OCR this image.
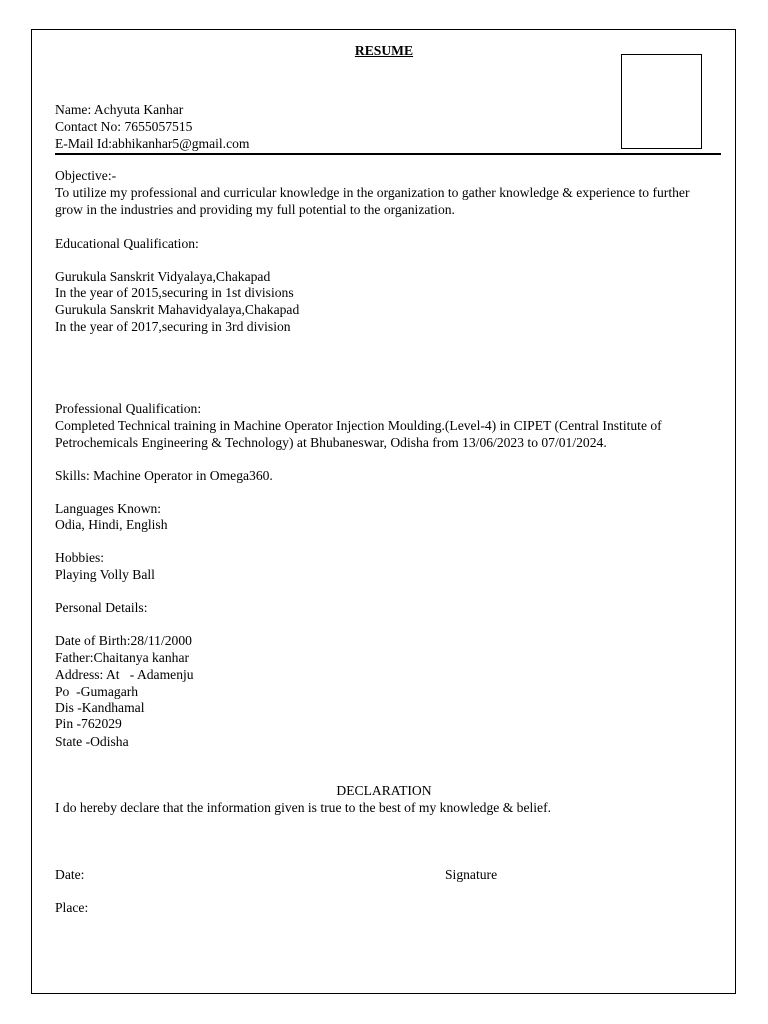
RESUME
Name: Achyuta Kanhar
Contact No: 7655057515
E-Mail Id:abhikanhar5@gmail.com
Objective:-
To utilize my professional and curricular knowledge in the organization to gather knowledge & experience to further
grow in the industries and providing my full potential to the organization.
Educational Qualification:
Gurukula Sanskrit Vidyalaya,Chakapad
In the year of 2015,securing in 1st divisions
Gurukula Sanskrit Mahavidyalaya,Chakapad
In the year of 2017,securing in 3rd division
Professional Qualification:
Completed Technical training in Machine Operator Injection Moulding.(Level-4) in CIPET (Central Institute of
Petrochemicals Engineering & Technology) at Bhubaneswar, Odisha from 13/06/2023 to 07/01/2024.
Skills: Machine Operator in Omega360.
Languages Known:
Odia, Hindi, English
Hobbies:
Playing Volly Ball
Personal Details:
Date of Birth:28/11/2000
Father:Chaitanya kanhar
Address: At   - Adamenju
Po  -Gumagarh
Dis -Kandhamal
Pin -762029
State -Odisha
DECLARATION
I do hereby declare that the information given is true to the best of my knowledge & belief.
Date:	Signature
Place:
